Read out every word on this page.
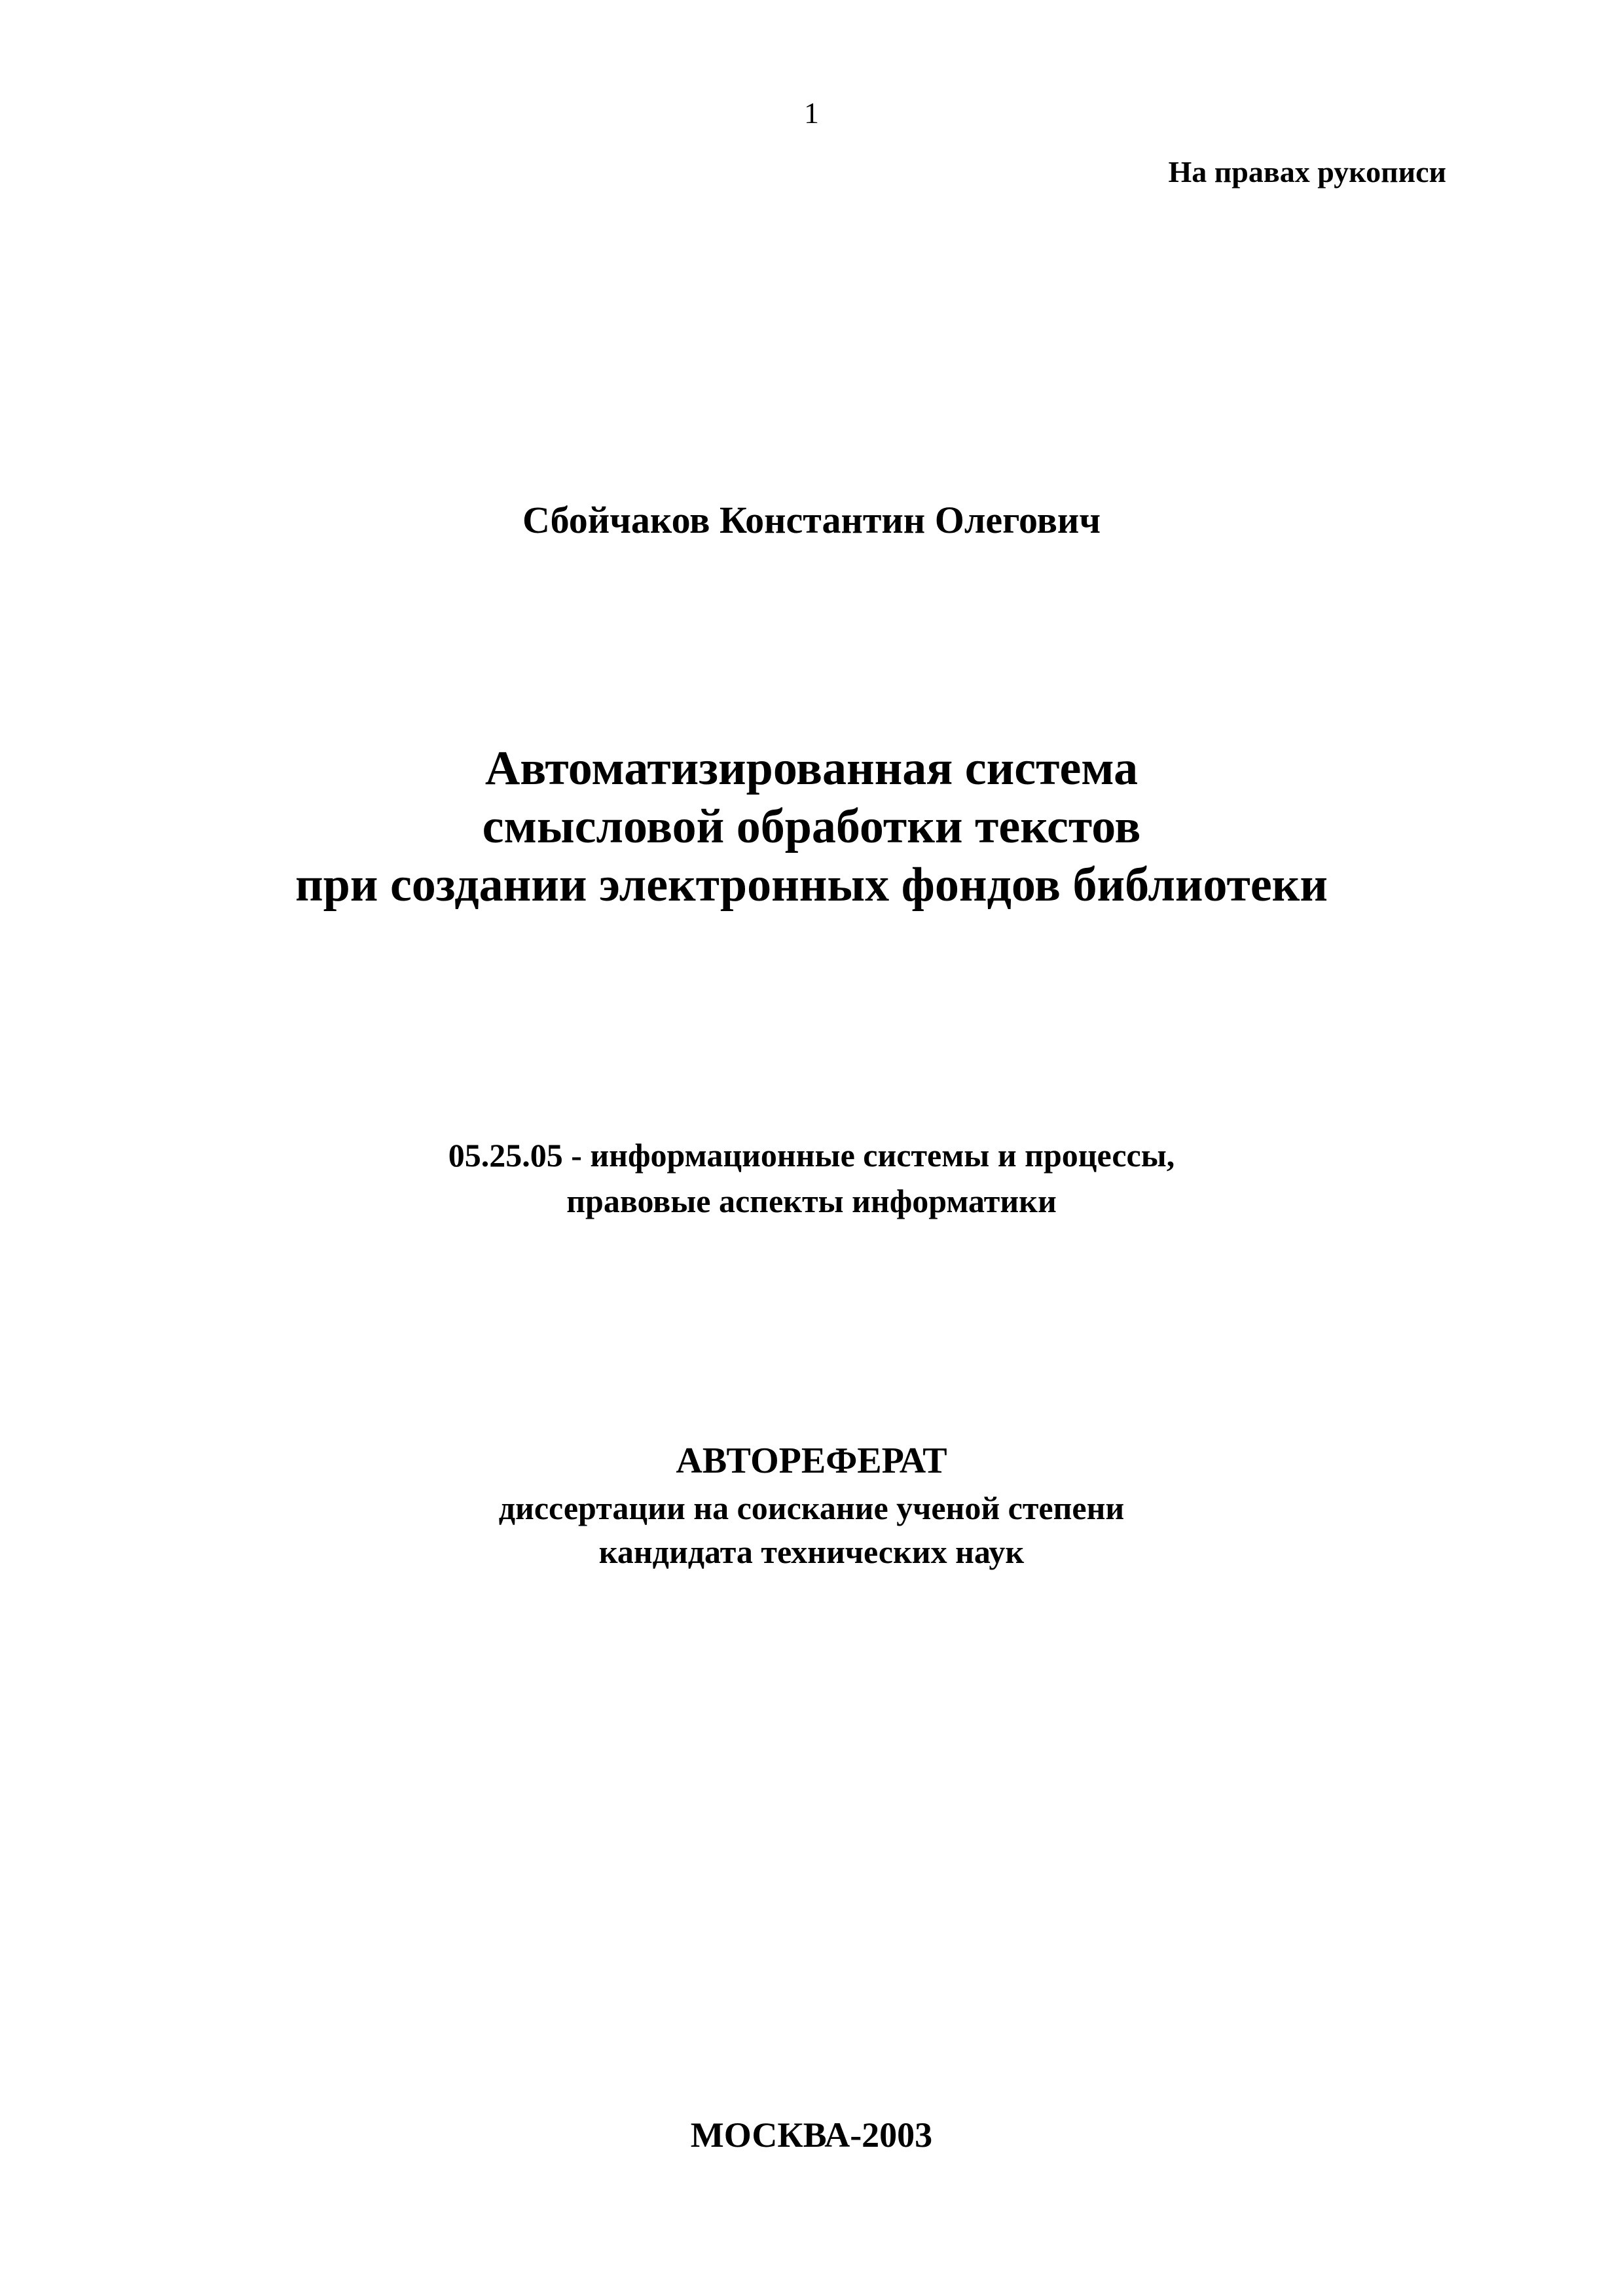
1
На правах рукописи
Сбойчаков Константин Олегович
Автоматизированная система
смысловой обработки текстов
при создании электронных фондов библиотеки
05.25.05 - информационные системы и процессы,
правовые аспекты информатики
АВТОРЕФЕРАТ
диссертации на соискание ученой степени
кандидата технических наук
МОСКВА-2003
